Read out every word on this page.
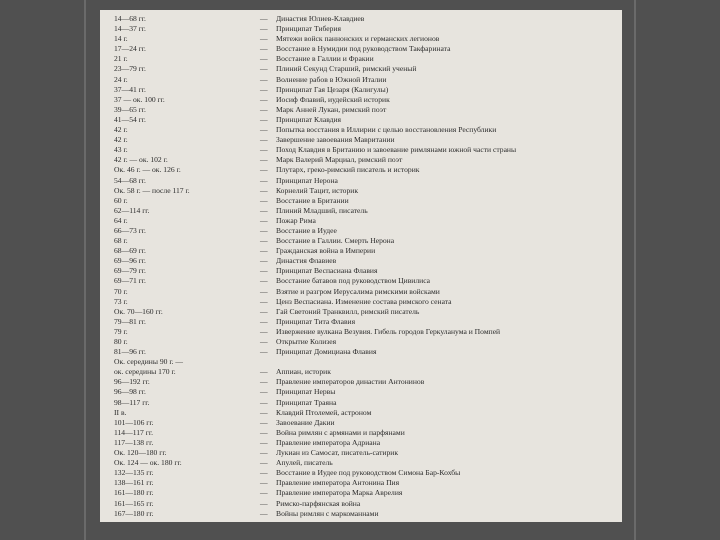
14—68 гг.	—	Династия Юлиев-Клавдиев
14—37 гг.	—	Принципат Тиберия
14 г.	—	Мятежи войск паннонских и германских легионов
17—24 гг.	—	Восстание в Нумидии под руководством Такфарината
21 г.	—	Восстание в Галлии и Фракии
23—79 гг.	—	Плиний Секунд Старший, римский ученый
24 г.	—	Волнение рабов в Южной Италии
37—41 гг.	—	Принципат Гая Цезаря (Калигулы)
37 — ок. 100 гг.	—	Иосиф Флавий, иудейский историк
39—65 гг.	—	Марк Анней Лукан, римский поэт
41—54 гг.	—	Принципат Клавдия
42 г.	—	Попытка восстания в Иллирии с целью восстановления Республики
42 г.	—	Завершение завоевания Мавритании
43 г.	—	Поход Клавдия в Британию и завоевание римлянами южной части страны
42 г. — ок. 102 г.	—	Марк Валерий Марциал, римский поэт
Ок. 46 г. — ок. 126 г.	—	Плутарх, греко-римский писатель и историк
54—68 гг.	—	Принципат Нерона
Ок. 58 г. — после 117 г.	—	Корнелий Тацит, историк
60 г.	—	Восстание в Британии
62—114 гг.	—	Плиний Младший, писатель
64 г.	—	Пожар Рима
66—73 гг.	—	Восстание в Иудее
68 г.	—	Восстание в Галлии. Смерть Нерона
68—69 гг.	—	Гражданская война в Империи
69—96 гг.	—	Династия Флавиев
69—79 гг.	—	Принципат Веспасиана Флавия
69—71 гг.	—	Восстание батавов под руководством Цивилиса
70 г.	—	Взятие и разгром Иерусалима римскими войсками
73 г.	—	Ценз Веспасиана. Изменение состава римского сената
Ок. 70—160 гг.	—	Гай Светоний Транквилл, римский писатель
79—81 гг.	—	Принципат Тита Флавия
79 г.	—	Извержение вулкана Везувия. Гибель городов Геркуланума и Помпей
80 г.	—	Открытие Колизея
81—96 гг.	—	Принципат Домициана Флавия
Ок. середины 90 г. —
ок. середины 170 г.	—	Аппиан, историк
96—192 гг.	—	Правление императоров династии Антонинов
96—98 гг.	—	Принципат Нервы
98—117 гг.	—	Принципат Траяна
II в.	—	Клавдий Птолемей, астроном
101—106 гг.	—	Завоевание Дакии
114—117 гг.	—	Война римлян с армянами и парфянами
117—138 гг.	—	Правление императора Адриана
Ок. 120—180 гг.	—	Лукиан из Самосат, писатель-сатирик
Ок. 124 — ок. 180 гг.	—	Апулей, писатель
132—135 гг.	—	Восстание в Иудее под руководством Симона Бар-Кохбы
138—161 гг.	—	Правление императора Антонина Пия
161—180 гг.	—	Правление императора Марка Аврелия
161—165 гг.	—	Римско-парфянская война
167—180 гг.	—	Войны римлян с маркоманнами
